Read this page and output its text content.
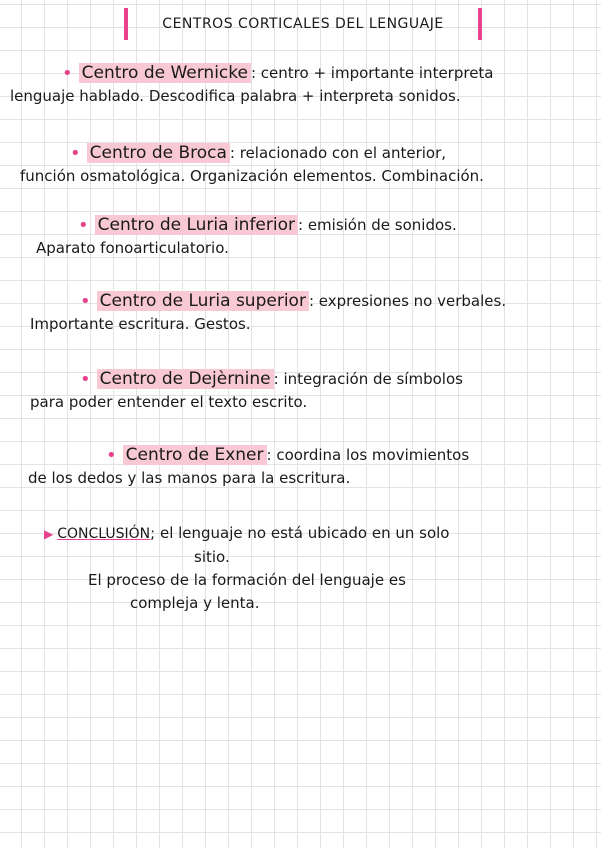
CENTROS CORTICALES DEL LENGUAJE
• Centro de Wernicke : centro + importante interpreta
lenguaje hablado. Descodifica palabra + interpreta sonidos.
• Centro de Broca : relacionado con el anterior,
función osmatológica. Organización elementos. Combinación.
• Centro de Luria inferior : emisión de sonidos.
Aparato fonoarticulatorio.
• Centro de Luria superior : expresiones no verbales.
Importante escritura. Gestos.
• Centro de Dejèrnine : integración de símbolos
para poder entender el texto escrito.
• Centro de Exner : coordina los movimientos
de los dedos y las manos para la escritura.
▶ CONCLUSIÓN; el lenguaje no está ubicado en un solo
sitio.
El proceso de la formación del lenguaje es
compleja y lenta.
